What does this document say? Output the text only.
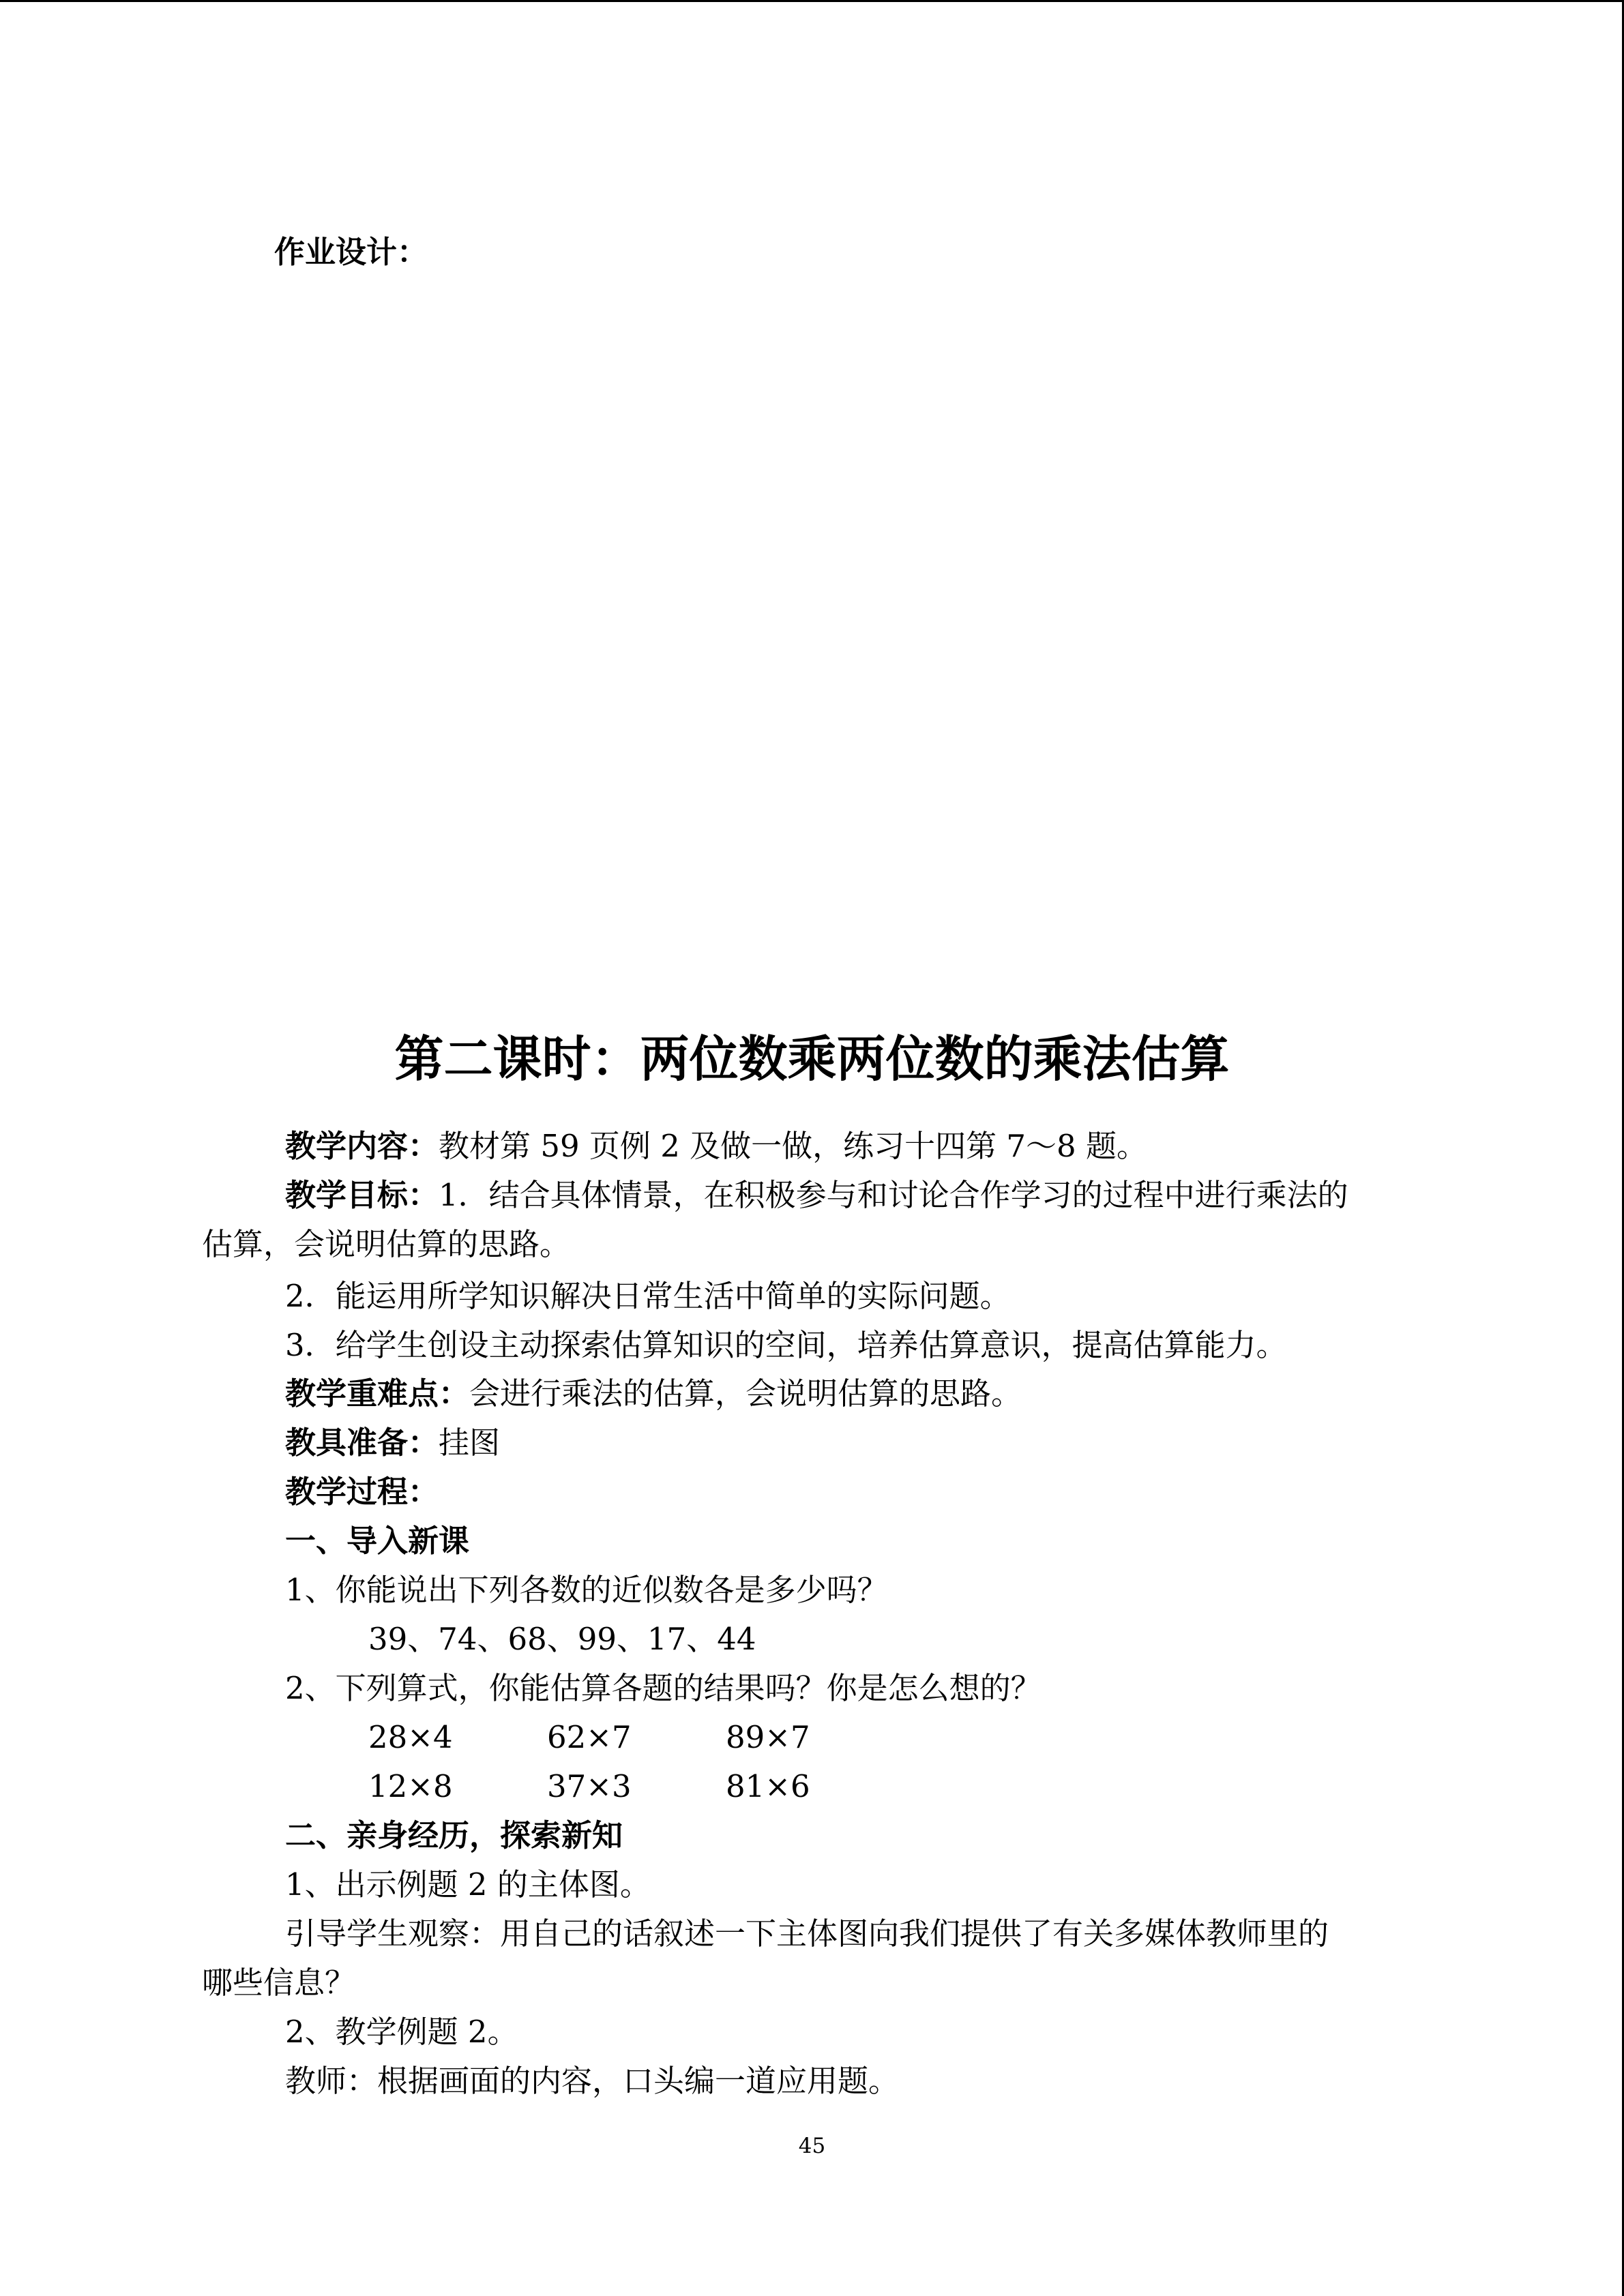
作业设计：
第二课时：两位数乘两位数的乘法估算
教学内容：教材第 59 页例 2 及做一做，练习十四第 7～8 题。
教学目标：1．结合具体情景，在积极参与和讨论合作学习的过程中进行乘法的
估算，会说明估算的思路。
2．能运用所学知识解决日常生活中简单的实际问题。
3．给学生创设主动探索估算知识的空间，培养估算意识，提高估算能力。
教学重难点：会进行乘法的估算，会说明估算的思路。
教具准备：挂图
教学过程：
一、导入新课
1、你能说出下列各数的近似数各是多少吗？
39、74、68、99、17、44
2、下列算式，你能估算各题的结果吗？你是怎么想的？
28×4	62×7	89×7
12×8	37×3	81×6
二、亲身经历，探索新知
1、出示例题 2 的主体图。
引导学生观察：用自己的话叙述一下主体图向我们提供了有关多媒体教师里的
哪些信息？
2、教学例题 2。
教师：根据画面的内容，口头编一道应用题。
45
